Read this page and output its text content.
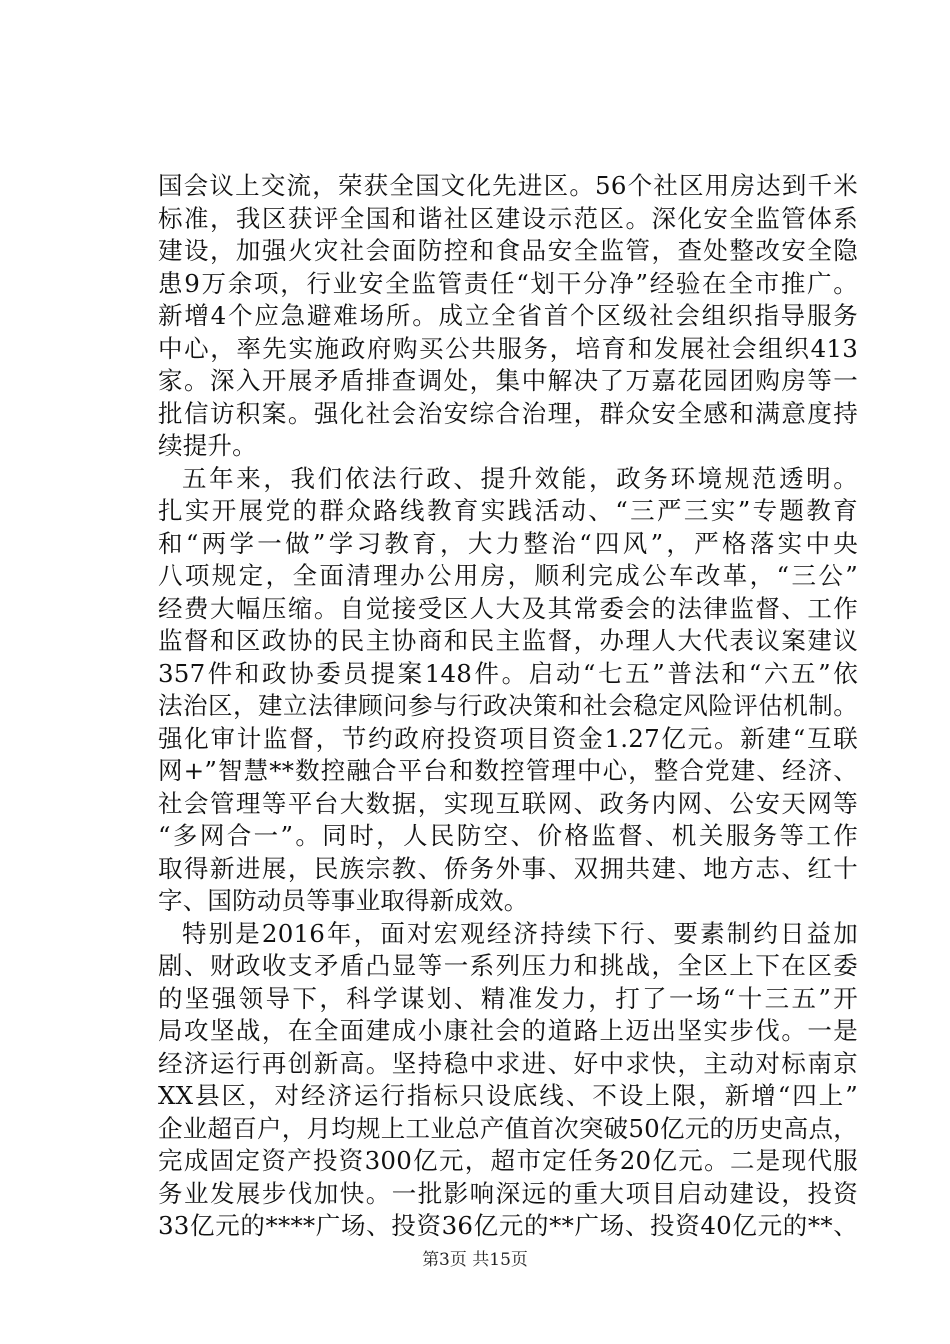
国会议上交流，荣获全国文化先进区。56个社区用房达到千米
标准，我区获评全国和谐社区建设示范区。深化安全监管体系
建设，加强火灾社会面防控和食品安全监管，查处整改安全隐
患9万余项，行业安全监管责任“划干分净”经验在全市推广。
新增4个应急避难场所。成立全省首个区级社会组织指导服务
中心，率先实施政府购买公共服务，培育和发展社会组织413
家。深入开展矛盾排查调处，集中解决了万嘉花园团购房等一
批信访积案。强化社会治安综合治理，群众安全感和满意度持
续提升。
五年来，我们依法行政、提升效能，政务环境规范透明。
扎实开展党的群众路线教育实践活动、“三严三实”专题教育
和“两学一做”学习教育，大力整治“四风”，严格落实中央
八项规定，全面清理办公用房，顺利完成公车改革，“三公”
经费大幅压缩。自觉接受区人大及其常委会的法律监督、工作
监督和区政协的民主协商和民主监督，办理人大代表议案建议
357件和政协委员提案148件。启动“七五”普法和“六五”依
法治区，建立法律顾问参与行政决策和社会稳定风险评估机制。
强化审计监督，节约政府投资项目资金1.27亿元。新建“互联
网+”智慧**数控融合平台和数控管理中心，整合党建、经济、
社会管理等平台大数据，实现互联网、政务内网、公安天网等
“多网合一”。同时，人民防空、价格监督、机关服务等工作
取得新进展，民族宗教、侨务外事、双拥共建、地方志、红十
字、国防动员等事业取得新成效。
特别是2016年，面对宏观经济持续下行、要素制约日益加
剧、财政收支矛盾凸显等一系列压力和挑战，全区上下在区委
的坚强领导下，科学谋划、精准发力，打了一场“十三五”开
局攻坚战，在全面建成小康社会的道路上迈出坚实步伐。一是
经济运行再创新高。坚持稳中求进、好中求快，主动对标南京
XX县区，对经济运行指标只设底线、不设上限，新增“四上”
企业超百户，月均规上工业总产值首次突破50亿元的历史高点，
完成固定资产投资300亿元，超市定任务20亿元。二是现代服
务业发展步伐加快。一批影响深远的重大项目启动建设，投资
33亿元的****广场、投资36亿元的**广场、投资40亿元的**、
第3页 共15页
